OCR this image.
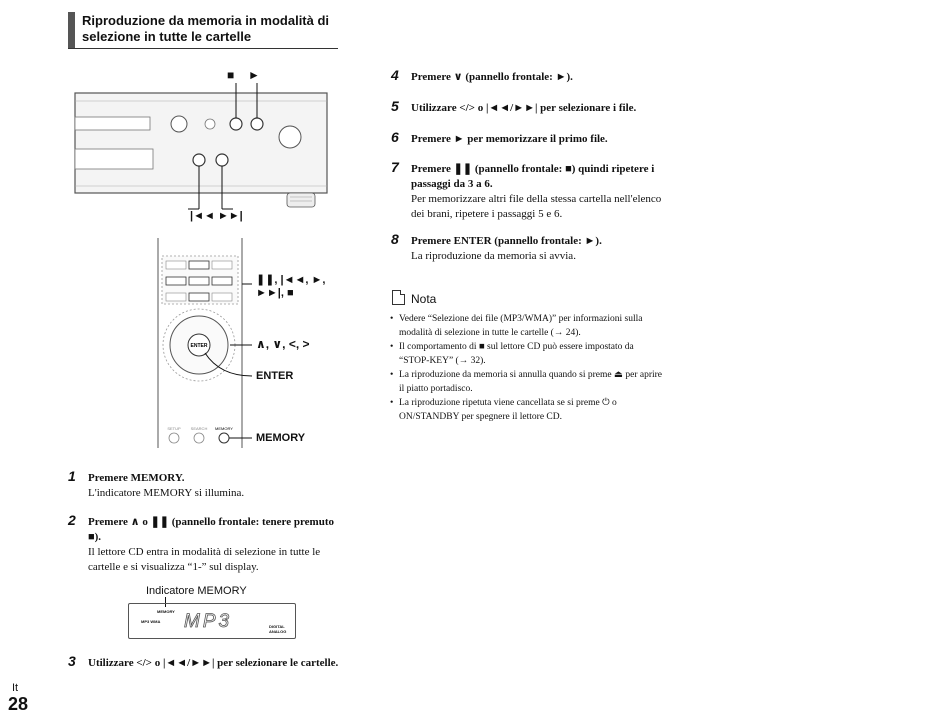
Riproduzione da memoria in modalità di selezione in tutte le cartelle
■ ►
|◄◄ ►►|
ENTER
SETUP SEARCH MEMORY
❚❚, |◄◄, ►,
►►|, ■
∧, ∨, <, >
ENTER
MEMORY
1 Premere MEMORY.
L'indicatore MEMORY si illumina.
2 Premere ∧ o ❚❚ (pannello frontale: tenere premuto ■).
Il lettore CD entra in modalità di selezione in tutte le cartelle e si visualizza “1-” sul display.
Indicatore MEMORY
MEMORY
MP3 WMA MP3	DIGITAL
ANALOG
3 Utilizzare </> o |◄◄/►►| per selezionare le cartelle.
4 Premere ∨ (pannello frontale: ►).
5 Utilizzare </> o |◄◄/►►| per selezionare i file.
6 Premere ► per memorizzare il primo file.
7 Premere ❚❚ (pannello frontale: ■) quindi ripetere i passaggi da 3 a 6.
Per memorizzare altri file della stessa cartella nell'elenco dei brani, ripetere i passaggi 5 e 6.
8 Premere ENTER (pannello frontale: ►).
La riproduzione da memoria si avvia.
Nota
• Vedere “Selezione dei file (MP3/WMA)” per informazioni sulla modalità di selezione in tutte le cartelle (→ 24).
• Il comportamento di ■ sul lettore CD può essere impostato da “STOP-KEY” (→ 32).
• La riproduzione da memoria si annulla quando si preme ⏏ per aprire il piatto portadisco.
• La riproduzione ripetuta viene cancellata se si preme ⏻ o ON/STANDBY per spegnere il lettore CD.
It
28
